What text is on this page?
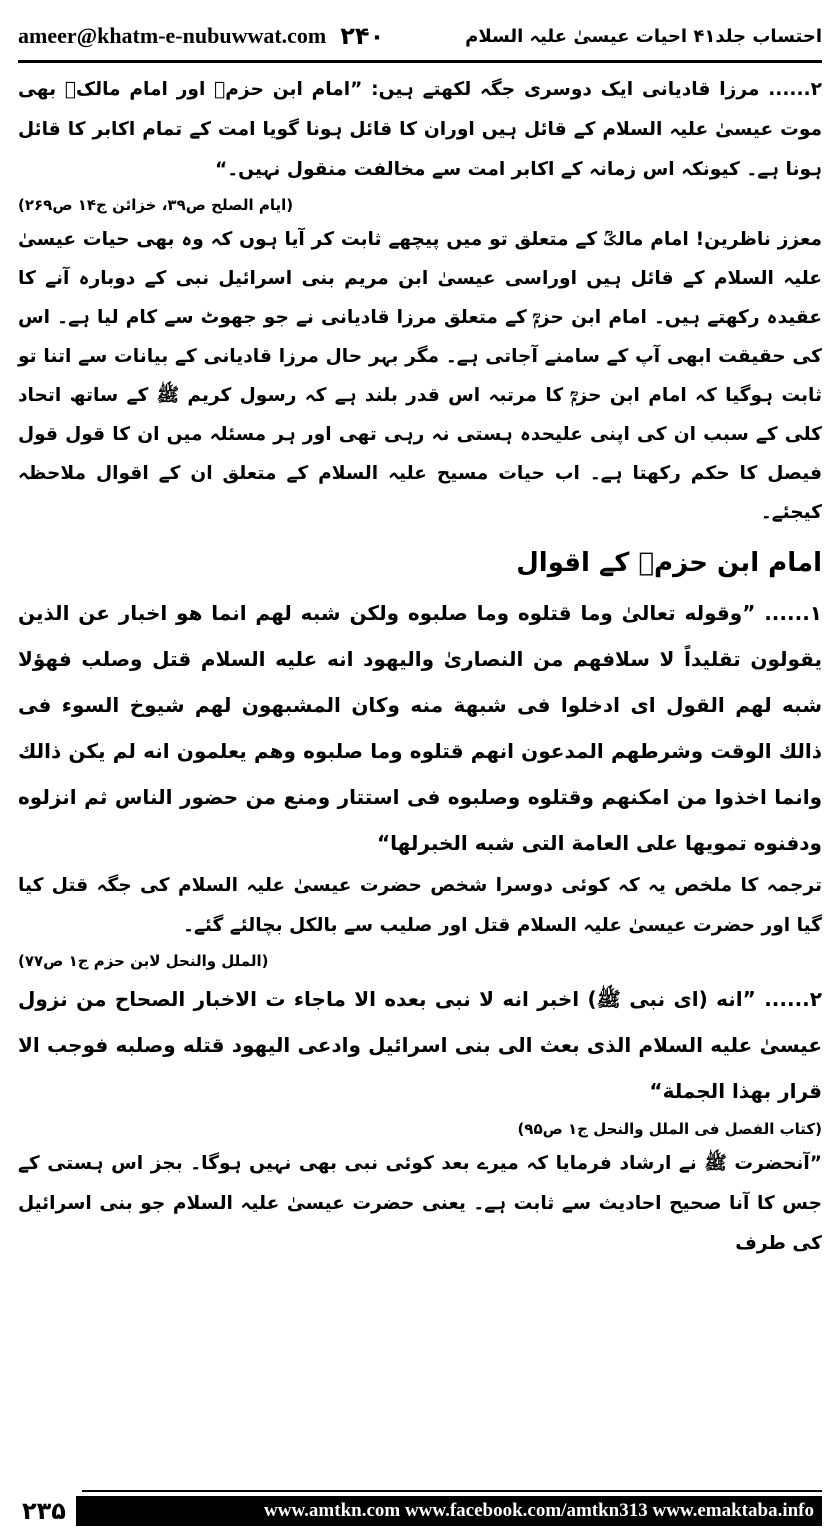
ameer@khatm-e-nubuwwat.com ۲۴۰	احتساب جلد۴۱ احیات عیسیٰ علیہ السلام

۲...... مرزا قادیانی ایک دوسری جگہ لکھتے ہیں: ”امام ابن حزمؒ اور امام مالکؒ بھی موت عیسیٰ علیہ السلام کے قائل ہیں اوران کا قائل ہونا گویا امت کے تمام اکابر کا قائل ہونا ہے۔ کیونکہ اس زمانہ کے اکابر امت سے مخالفت منقول نہیں۔“

(ایام الصلح ص۳۹، خزائن ج۱۴ ص۲۶۹)

معزز ناظرین! امام مالکؒ کے متعلق تو میں پیچھے ثابت کر آیا ہوں کہ وہ بھی حیات عیسیٰ علیہ السلام کے قائل ہیں اوراسی عیسیٰ ابن مریم بنی اسرائیل نبی کے دوبارہ آنے کا عقیدہ رکھتے ہیں۔ امام ابن حزمؒ کے متعلق مرزا قادیانی نے جو جھوٹ سے کام لیا ہے۔ اس کی حقیقت ابھی آپ کے سامنے آجاتی ہے۔ مگر بہر حال مرزا قادیانی کے بیانات سے اتنا تو ثابت ہوگیا کہ امام ابن حزمؒ کا مرتبہ اس قدر بلند ہے کہ رسول کریم ﷺ کے ساتھ اتحاد کلی کے سبب ان کی اپنی علیحدہ ہستی نہ رہی تھی اور ہر مسئلہ میں ان کا قول قول فیصل کا حکم رکھتا ہے۔ اب حیات مسیح علیہ السلام کے متعلق ان کے اقوال ملاحظہ کیجئے۔

امام ابن حزمؒ کے اقوال

۱...... ”وقوله تعالىٰ وما قتلوه وما صلبوه ولكن شبه لهم انما هو اخبار عن الذين يقولون تقليداً لا سلافهم من النصارىٰ واليهود انه عليه السلام قتل وصلب فهؤلا شبه لهم القول اى ادخلوا فى شبهة منه وكان المشبهون لهم شيوخ السوء فى ذالك الوقت وشرطهم المدعون انهم قتلوه وما صلبوه وهم يعلمون انه لم يكن ذالك وانما اخذوا من امكنهم وقتلوه وصلبوه فى استتار ومنع من حضور الناس ثم انزلوه ودفنوه تمويها على العامة التى شبه الخبرلها“

ترجمہ کا ملخص یہ کہ کوئی دوسرا شخص حضرت عیسیٰ علیہ السلام کی جگہ قتل کیا گیا اور حضرت عیسیٰ علیہ السلام قتل اور صلیب سے بالکل بچالئے گئے۔

(الملل والنحل لابن حزم ج۱ ص۷۷)

۲...... ”انه (اى نبى ﷺ) اخبر انه لا نبى بعده الا ماجاء ت الاخبار الصحاح من نزول عيسىٰ عليه السلام الذى بعث الى بنى اسرائيل وادعى اليهود قتله وصلبه فوجب الا قرار بهذا الجملة“

(کتاب الفصل فی الملل والنحل ج۱ ص۹۵)

”آنحضرت ﷺ نے ارشاد فرمایا کہ میرے بعد کوئی نبی بھی نہیں ہوگا۔ بجز اس ہستی کے جس کا آنا صحیح احادیث سے ثابت ہے۔ یعنی حضرت عیسیٰ علیہ السلام جو بنی اسرائیل کی طرف

۲۳۵	www.amtkn.com www.facebook.com/amtkn313 www.emaktaba.info
